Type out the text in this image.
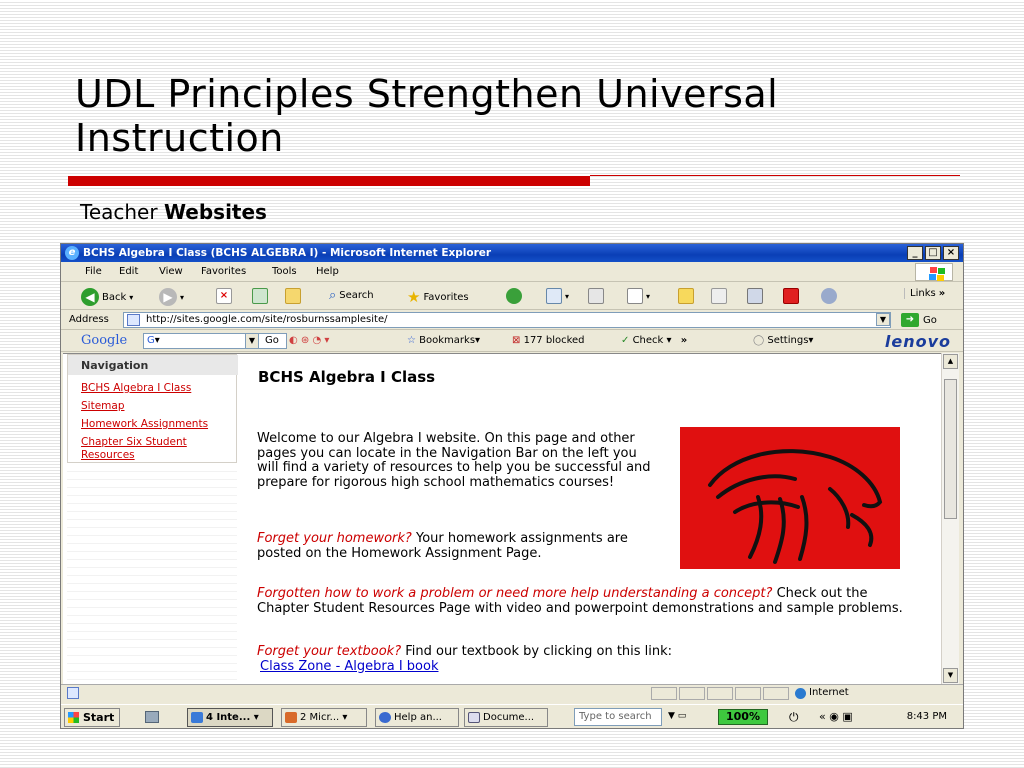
UDL Principles Strengthen Universal Instruction
Teacher Websites
e BCHS Algebra I Class (BCHS ALGEBRA I) - Microsoft Internet Explorer	_	□ ×
File Edit View Favorites	Tools Help
◀ Back ▾	▶ ▾	×	⌕ Search ★ Favorites	▾	▾	Links »
Address	http://sites.google.com/site/rosburnssamplesite/	▼	➜ Go
Google	G▾	▼ Go ◐ ⊛ ◔ ▾	☆ Bookmarks▾	⊠ 177 blocked	✓ Check ▾ »	◯ Settings▾	lenovo
Navigation
BCHS Algebra I Class
Sitemap
Homework Assignments
Chapter Six Student Resources
BCHS Algebra I Class
Welcome to our Algebra I website. On this page and other pages you can locate in the Navigation Bar on the left you will find a variety of resources to help you be successful and prepare for rigorous high school mathematics courses!
Forget your homework? Your homework assignments are posted on the Homework Assignment Page.
Forgotten how to work a problem or need more help understanding a concept? Check out the Chapter Student Resources Page with video and powerpoint demonstrations and sample problems.
Forget your textbook? Find our textbook by clicking on this link:
Class Zone - Algebra I book
▲
▼
Internet
Start	4 Inte... ▾	2 Micr... ▾	Help an...	Docume...	Type to search	▼ ▭	100%	⏻ « ◉ ▣	8:43 PM
